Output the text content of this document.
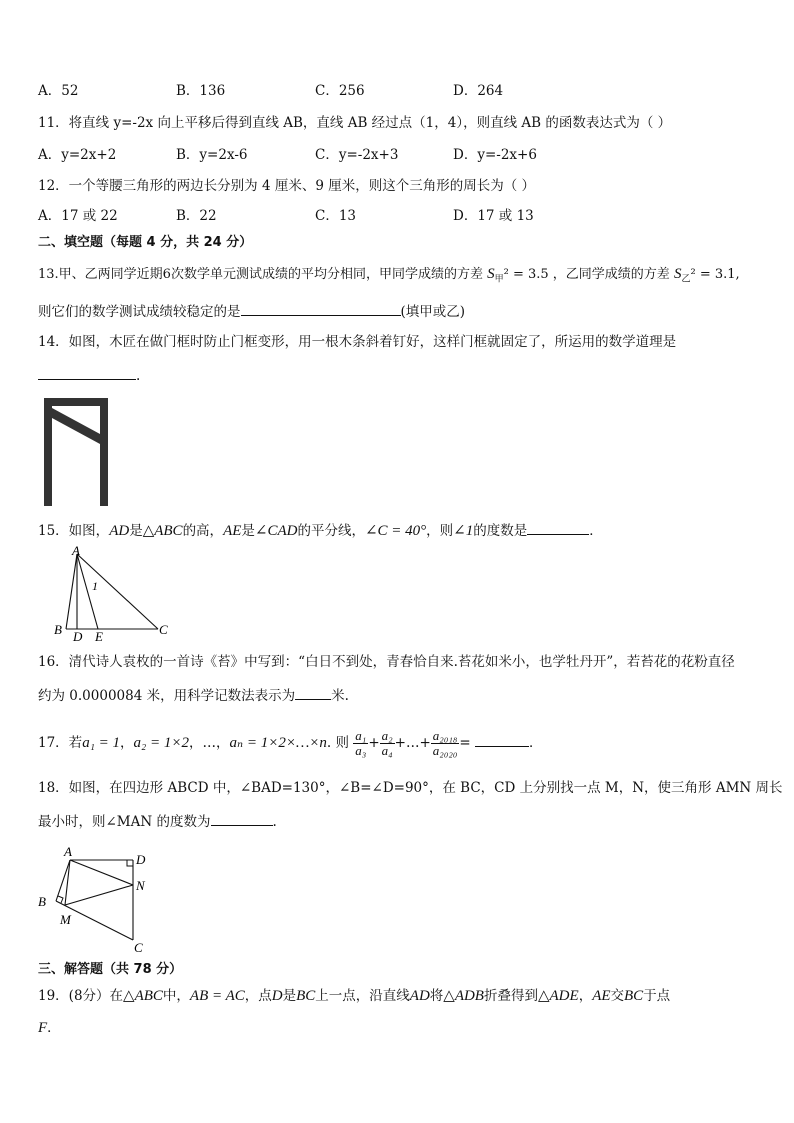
A．52	B．136	C．256	D．264
11．将直线 y=-2x 向上平移后得到直线 AB，直线 AB 经过点（1，4），则直线 AB 的函数表达式为（ ）
A．y=2x+2	B．y=2x-6	C．y=-2x+3	D．y=-2x+6
12．一个等腰三角形的两边长分别为 4 厘米、9 厘米，则这个三角形的周长为（ ）
A．17 或 22	B．22	C．13	D．17 或 13
二、填空题（每题 4 分，共 24 分）
13.甲、乙两同学近期6次数学单元测试成绩的平均分相同，甲同学成绩的方差 $S_甲^2 = 3.5$ ，乙同学成绩的方差 $S_乙^2 = 3.1$,
则它们的数学测试成绩较稳定的是	(填甲或乙)
14．如图，木匠在做门框时防止门框变形，用一根木条斜着钉好，这样门框就固定了，所运用的数学道理是
.
15．如图，AD是△ABC的高，AE是∠CAD的平分线，∠C = 40°，则∠1的度数是	．
A
B D E	C
1
16．清代诗人袁枚的一首诗《苔》中写到：“白日不到处，青春恰自来.苔花如米小，也学牡丹开”，若苔花的花粉直径
约为 0.0000084 米，用科学记数法表示为	米.
17．若a₁ = 1，a₂ = 1×2，…，aₙ = 1×2×…×n. 则 $\frac{\text{a₁}}{\text{a₃}} + \frac{\text{a₂}}{\text{a₄}}$ +…+ $\frac{\text{a₂₀₁₈}}{\text{a₂₀₂₀}}$ =	．
18．如图，在四边形 ABCD 中，∠BAD=130°，∠B=∠D=90°，在 BC，CD 上分别找一点 M，N，使三角形 AMN 周长
最小时，则∠MAN 的度数为	.
A
D
N
B
M
C
三、解答题（共 78 分）
19．(8分）在△ABC中，AB = AC，点D是BC上一点，沿直线AD将△ADB折叠得到△ADE，AE交BC于点
F．
